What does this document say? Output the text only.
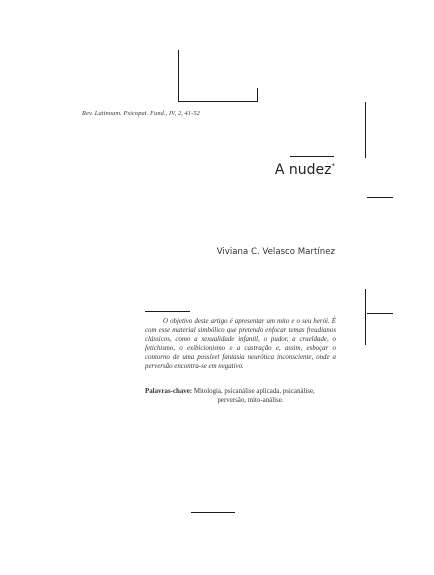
Rev. Latinoam. Psicopat. Fund., IV, 2, 41-52
A nudez*
Viviana C. Velasco Martínez

O objetivo deste artigo é apresentar um mito e o seu herói. É com esse material simbólico que pretendo enfocar temas freudianos clássicos, como a sexualidade infantil, o pudor, a crueldade, o fetichismo, o exibicionismo e a castração e, assim, esboçar o contorno de uma possível fantasia neurótica inconsciente, onde a perversão encontra-se em negativo.

Palavras-chave: Mitologia, psicanálise aplicada, psicanálise,
perversão, mito-análise.
